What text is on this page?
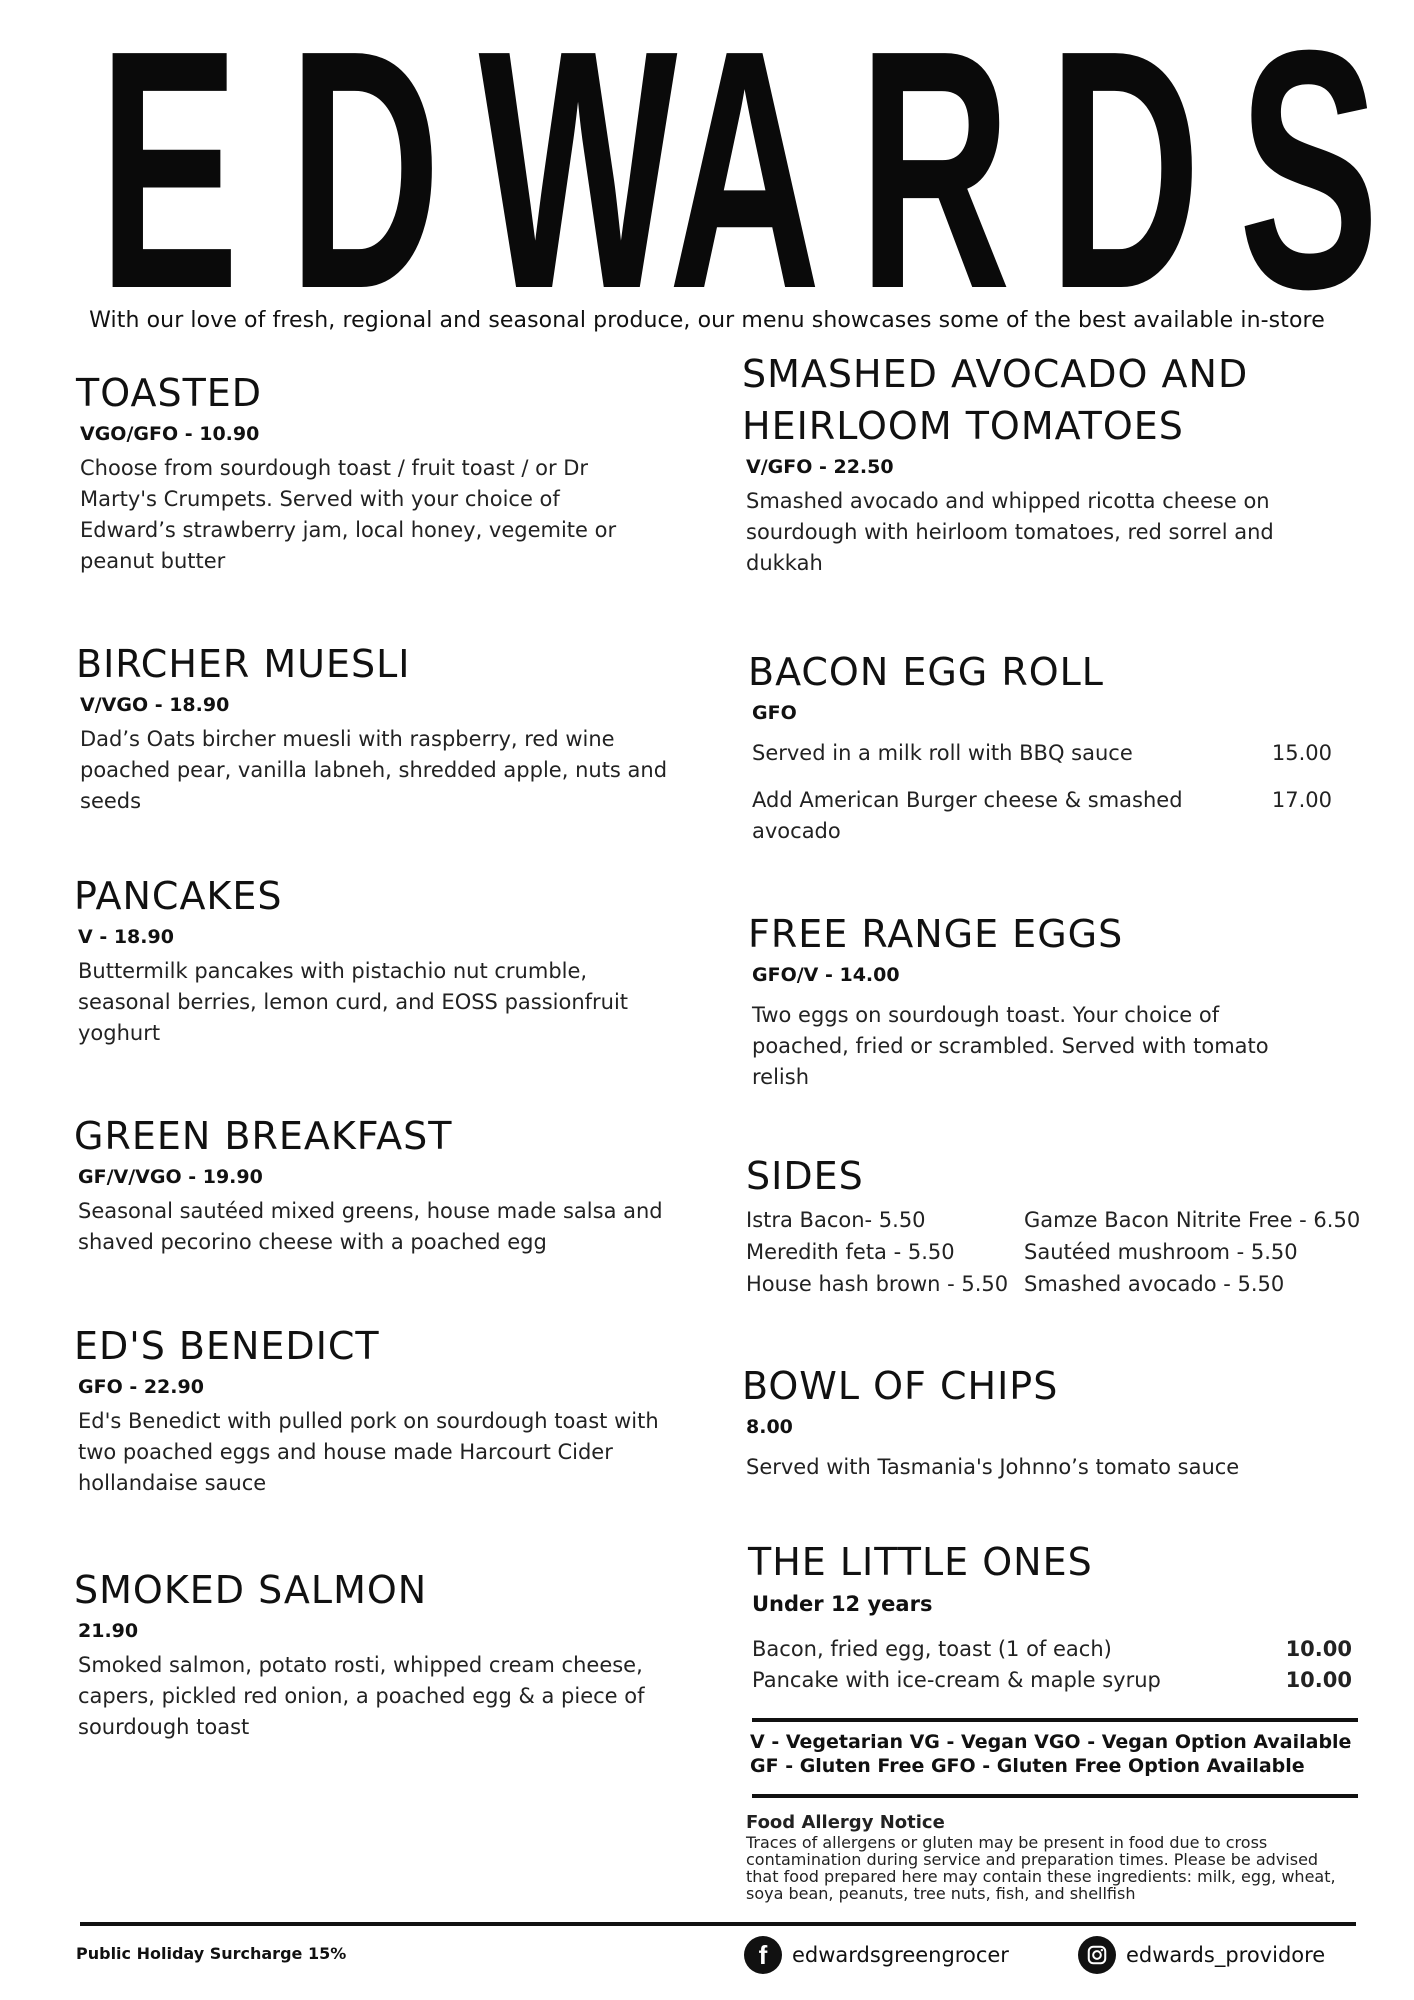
E D W
A R D S
With our love of fresh, regional and seasonal produce, our menu showcases some of the best available in-store
TOASTED
VGO/GFO - 10.90
Choose from sourdough toast / fruit toast / or Dr Marty's Crumpets. Served with your choice of Edward’s strawberry jam, local honey, vegemite or peanut butter
BIRCHER MUESLI
V/VGO - 18.90
Dad’s Oats bircher muesli with raspberry, red wine poached pear, vanilla labneh, shredded apple, nuts and seeds
PANCAKES
V - 18.90
Buttermilk pancakes with pistachio nut crumble, seasonal berries, lemon curd, and EOSS passionfruit yoghurt
GREEN BREAKFAST
GF/V/VGO - 19.90
Seasonal sautéed mixed greens, house made salsa and shaved pecorino cheese with a poached egg
ED'S BENEDICT
GFO - 22.90
Ed's Benedict with pulled pork on sourdough toast with two poached eggs and house made Harcourt Cider hollandaise sauce
SMOKED SALMON
21.90
Smoked salmon, potato rosti, whipped cream cheese, capers, pickled red onion, a poached egg & a piece of sourdough toast
SMASHED AVOCADO AND
HEIRLOOM TOMATOES
V/GFO - 22.50
Smashed avocado and whipped ricotta cheese on sourdough with heirloom tomatoes, red sorrel and dukkah
BACON EGG ROLL
GFO
Served in a milk roll with BBQ sauce	15.00
Add American Burger cheese & smashed avocado
17.00
FREE RANGE EGGS
GFO/V - 14.00
Two eggs on sourdough toast. Your choice of poached, fried or scrambled. Served with tomato relish
SIDES
Istra Bacon- 5.50	Gamze Bacon Nitrite Free - 6.50
Meredith feta - 5.50	Sautéed mushroom - 5.50
House hash brown - 5.50 Smashed avocado - 5.50
BOWL OF CHIPS
8.00
Served with Tasmania's Johnno’s tomato sauce
THE LITTLE ONES
Under 12 years
Bacon, fried egg, toast (1 of each)	10.00
Pancake with ice-cream & maple syrup	10.00
V - Vegetarian VG - Vegan VGO - Vegan Option Available
GF - Gluten Free GFO - Gluten Free Option Available
Food Allergy Notice
Traces of allergens or gluten may be present in food due to cross contamination during service and preparation times. Please be advised that food prepared here may contain these ingredients: milk, egg, wheat, soya bean, peanuts, tree nuts, fish, and shellfish
Public Holiday Surcharge 15%	f	edwardsgreengrocer	edwards_providore
